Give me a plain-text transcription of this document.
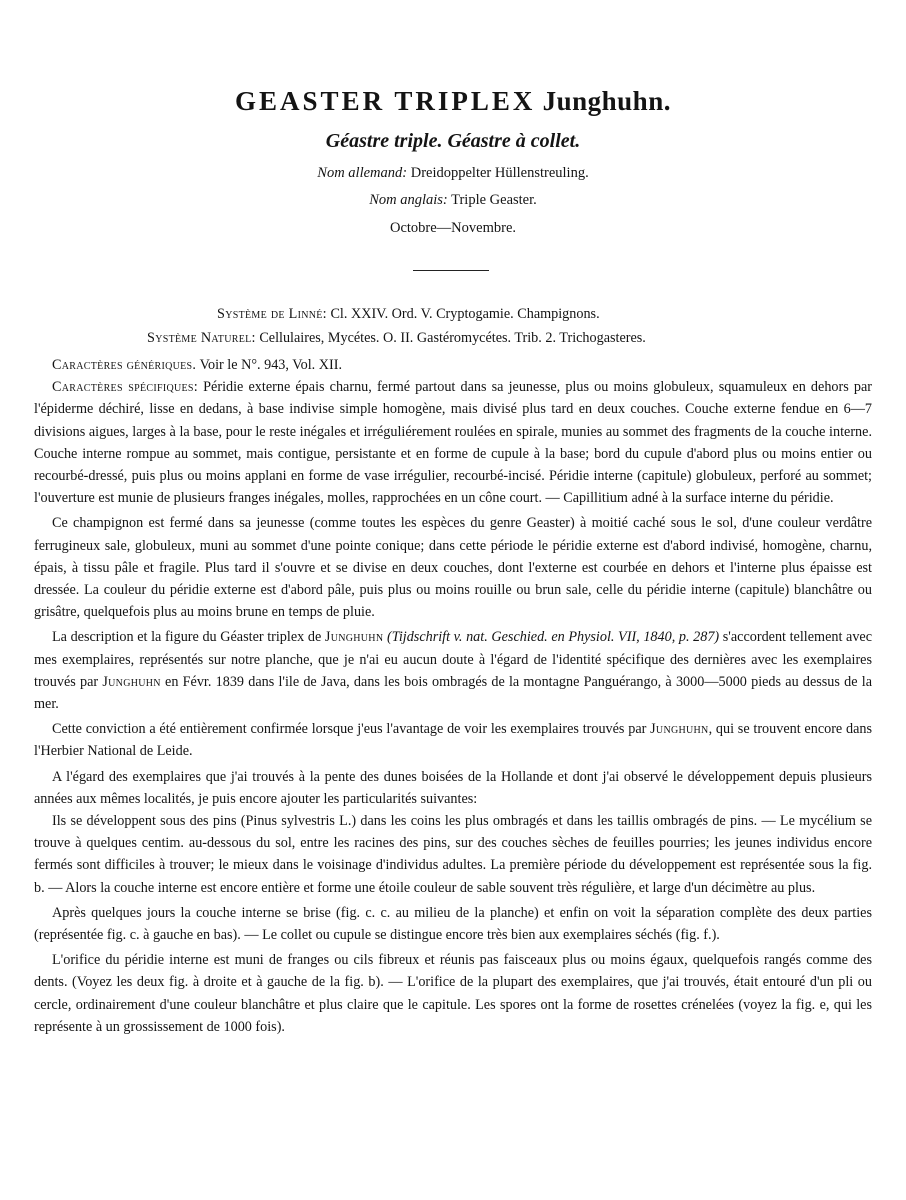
GEASTER TRIPLEX Junghuhn.
Géastre triple. Géastre à collet.
Nom allemand: Dreidoppelter Hüllenstreuling.
Nom anglais: Triple Geaster.
Octobre—Novembre.
Système de Linné: Cl. XXIV. Ord. V. Cryptogamie. Champignons.
Système Naturel: Cellulaires, Mycétes. O. II. Gastéromycétes. Trib. 2. Trichogasteres.

Caractères génériques. Voir le N°. 943, Vol. XII.

Caractères spécifiques: Péridie externe épais charnu, fermé partout dans sa jeunesse, plus ou moins globuleux, squamuleux en dehors par l'épiderme déchiré, lisse en dedans, à base indivise simple homogène, mais divisé plus tard en deux couches. Couche externe fendue en 6—7 divisions aigues, larges à la base, pour le reste inégales et irréguliérement roulées en spirale, munies au sommet des fragments de la couche interne. Couche interne rompue au sommet, mais contigue, persistante et en forme de cupule à la base; bord du cupule d'abord plus ou moins entier ou recourbé-dressé, puis plus ou moins applani en forme de vase irrégulier, recourbé-incisé. Péridie interne (capitule) globuleux, perforé au sommet; l'ouverture est munie de plusieurs franges inégales, molles, rapprochées en un cône court. — Capillitium adné à la surface interne du péridie.

Ce champignon est fermé dans sa jeunesse (comme toutes les espèces du genre Geaster) à moitié caché sous le sol, d'une couleur verdâtre ferrugineux sale, globuleux, muni au sommet d'une pointe conique; dans cette période le péridie externe est d'abord indivisé, homogène, charnu, épais, à tissu pâle et fragile. Plus tard il s'ouvre et se divise en deux couches, dont l'externe est courbée en dehors et l'interne plus épaisse est dressée. La couleur du péridie externe est d'abord pâle, puis plus ou moins rouille ou brun sale, celle du péridie interne (capitule) blanchâtre ou grisâtre, quelquefois plus au moins brune en temps de pluie.

La description et la figure du Géaster triplex de Junghuhn (Tijdschrift v. nat. Geschied. en Physiol. VII, 1840, p. 287) s'accordent tellement avec mes exemplaires, représentés sur notre planche, que je n'ai eu aucun doute à l'égard de l'identité spécifique des dernières avec les exemplaires trouvés par Junghuhn en Févr. 1839 dans l'ile de Java, dans les bois ombragés de la montagne Panguérango, à 3000—5000 pieds au dessus de la mer.

Cette conviction a été entièrement confirmée lorsque j'eus l'avantage de voir les exemplaires trouvés par Junghuhn, qui se trouvent encore dans l'Herbier National de Leide.

A l'égard des exemplaires que j'ai trouvés à la pente des dunes boisées de la Hollande et dont j'ai observé le développement depuis plusieurs années aux mêmes localités, je puis encore ajouter les particularités suivantes:

Ils se développent sous des pins (Pinus sylvestris L.) dans les coins les plus ombragés et dans les taillis ombragés de pins. — Le mycélium se trouve à quelques centim. au-dessous du sol, entre les racines des pins, sur des couches sèches de feuilles pourries; les jeunes individus encore fermés sont difficiles à trouver; le mieux dans le voisinage d'individus adultes. La première période du développement est représentée sous la fig. b. — Alors la couche interne est encore entière et forme une étoile couleur de sable souvent très régulière, et large d'un décimètre au plus.

Après quelques jours la couche interne se brise (fig. c. c. au milieu de la planche) et enfin on voit la séparation complète des deux parties (représentée fig. c. à gauche en bas). — Le collet ou cupule se distingue encore très bien aux exemplaires séchés (fig. f.).

L'orifice du péridie interne est muni de franges ou cils fibreux et réunis pas faisceaux plus ou moins égaux, quelquefois rangés comme des dents. (Voyez les deux fig. à droite et à gauche de la fig. b). — L'orifice de la plupart des exemplaires, que j'ai trouvés, était entouré d'un pli ou cercle, ordinairement d'une couleur blanchâtre et plus claire que le capitule. Les spores ont la forme de rosettes crénelées (voyez la fig. e, qui les représente à un grossissement de 1000 fois).
